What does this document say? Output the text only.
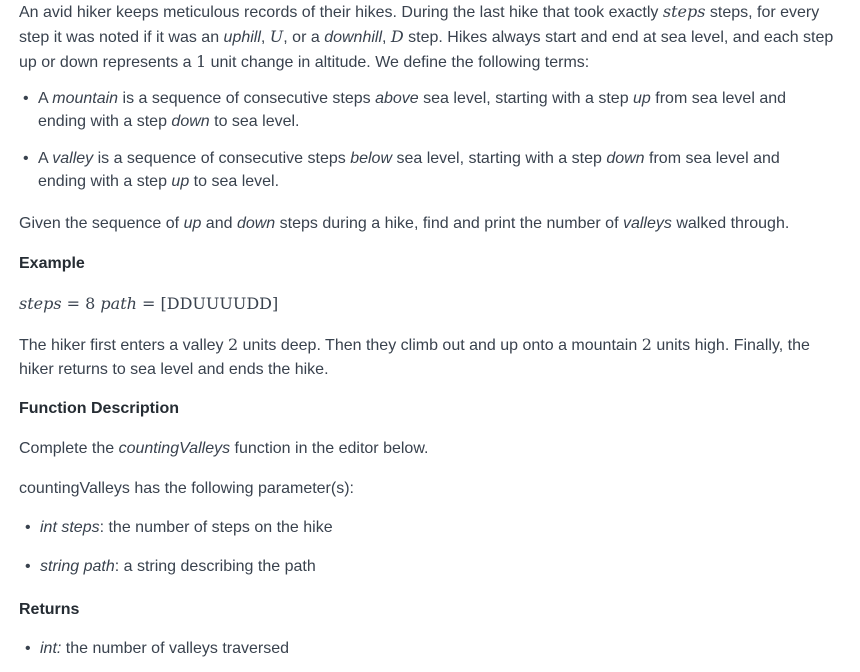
An avid hiker keeps meticulous records of their hikes. During the last hike that took exactly steps steps, for every step it was noted if it was an uphill, U, or a downhill, D step. Hikes always start and end at sea level, and each step up or down represents a 1 unit change in altitude. We define the following terms:

• A mountain is a sequence of consecutive steps above sea level, starting with a step up from sea level and ending with a step down to sea level.
• A valley is a sequence of consecutive steps below sea level, starting with a step down from sea level and ending with a step up to sea level.

Given the sequence of up and down steps during a hike, find and print the number of valleys walked through.

Example

steps = 8 path = [DDUUUUDD]

The hiker first enters a valley 2 units deep. Then they climb out and up onto a mountain 2 units high. Finally, the hiker returns to sea level and ends the hike.

Function Description

Complete the countingValleys function in the editor below.

countingValleys has the following parameter(s):

• int steps: the number of steps on the hike
• string path: a string describing the path
Returns
• int: the number of valleys traversed
